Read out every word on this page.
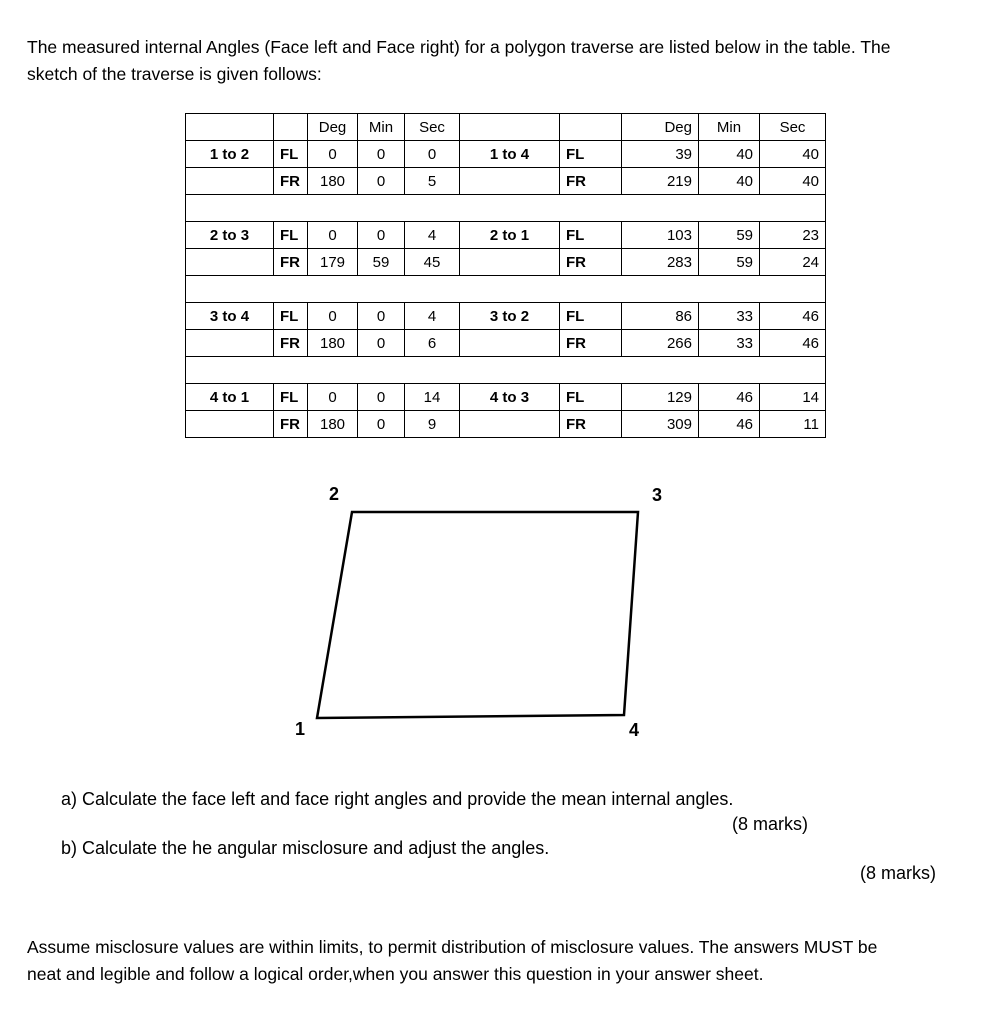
The measured internal Angles (Face left and Face right) for a polygon traverse are listed below in the table. The

sketch of the traverse is given follows:

		Deg	Min	Sec			Deg	Min	Sec
1 to 2	FL	0	0	0	1 to 4	FL	39	40	40
	FR	180	0	5		FR	219	40	40

2 to 3	FL	0	0	4	2 to 1	FL	103	59	23
	FR	179	59	45		FR	283	59	24

3 to 4	FL	0	0	4	3 to 2	FL	86	33	46
	FR	180	0	6		FR	266	33	46

4 to 1	FL	0	0	14	4 to 3	FL	129	46	14
	FR	180	0	9		FR	309	46	11
2	3
1	4
a) Calculate the face left and face right angles and provide the mean internal angles.
(8 marks)
b) Calculate the he angular misclosure and adjust the angles.
(8 marks)

Assume misclosure values are within limits, to permit distribution of misclosure values. The answers MUST be

neat and legible and follow a logical order,when you answer this question in your answer sheet.
